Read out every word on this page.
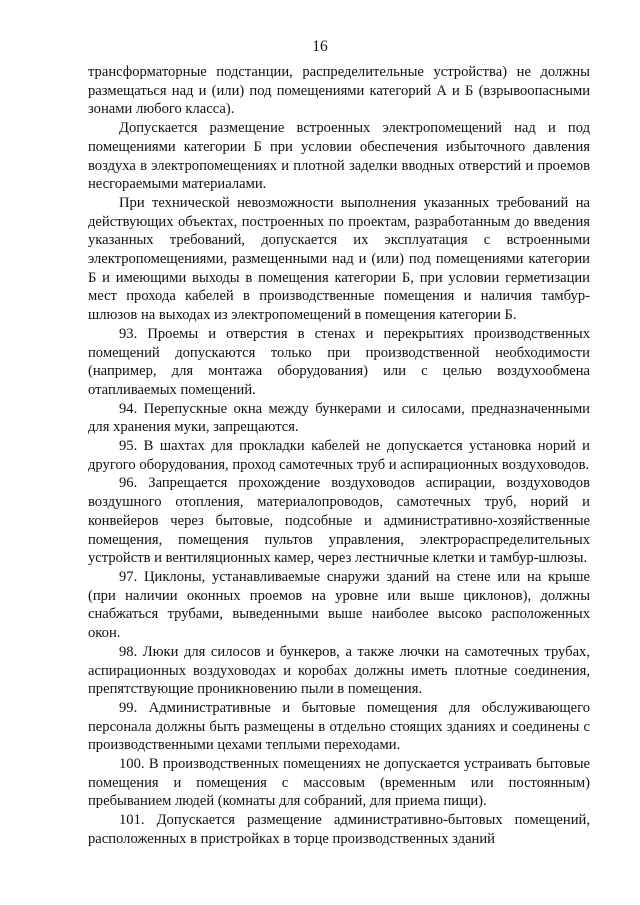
16

трансформаторные подстанции, распределительные устройства) не должны размещаться над и (или) под помещениями категорий А и Б (взрывоопасными зонами любого класса).

Допускается размещение встроенных электропомещений над и под помещениями категории Б при условии обеспечения избыточного давления воздуха в электропомещениях и плотной заделки вводных отверстий и проемов несгораемыми материалами.

При технической невозможности выполнения указанных требований на действующих объектах, построенных по проектам, разработанным до введения указанных требований, допускается их эксплуатация с встроенными электропомещениями, размещенными над и (или) под помещениями категории Б и имеющими выходы в помещения категории Б, при условии герметизации мест прохода кабелей в производственные помещения и наличия тамбур-шлюзов на выходах из электропомещений в помещения категории Б.

93. Проемы и отверстия в стенах и перекрытиях производственных помещений допускаются только при производственной необходимости (например, для монтажа оборудования) или с целью воздухообмена отапливаемых помещений.

94. Перепускные окна между бункерами и силосами, предназначенными для хранения муки, запрещаются.

95. В шахтах для прокладки кабелей не допускается установка норий и другого оборудования, проход самотечных труб и аспирационных воздуховодов.

96. Запрещается прохождение воздуховодов аспирации, воздуховодов воздушного отопления, материалопроводов, самотечных труб, норий и конвейеров через бытовые, подсобные и административно-хозяйственные помещения, помещения пультов управления, электрораспределительных устройств и вентиляционных камер, через лестничные клетки и тамбур-шлюзы.

97. Циклоны, устанавливаемые снаружи зданий на стене или на крыше (при наличии оконных проемов на уровне или выше циклонов), должны снабжаться трубами, выведенными выше наиболее высоко расположенных окон.

98. Люки для силосов и бункеров, а также лючки на самотечных трубах, аспирационных воздуховодах и коробах должны иметь плотные соединения, препятствующие проникновению пыли в помещения.

99. Административные и бытовые помещения для обслуживающего персонала должны быть размещены в отдельно стоящих зданиях и соединены с производственными цехами теплыми переходами.

100. В производственных помещениях не допускается устраивать бытовые помещения и помещения с массовым (временным или постоянным) пребыванием людей (комнаты для собраний, для приема пищи).

101. Допускается размещение административно-бытовых помещений, расположенных в пристройках в торце производственных зданий
